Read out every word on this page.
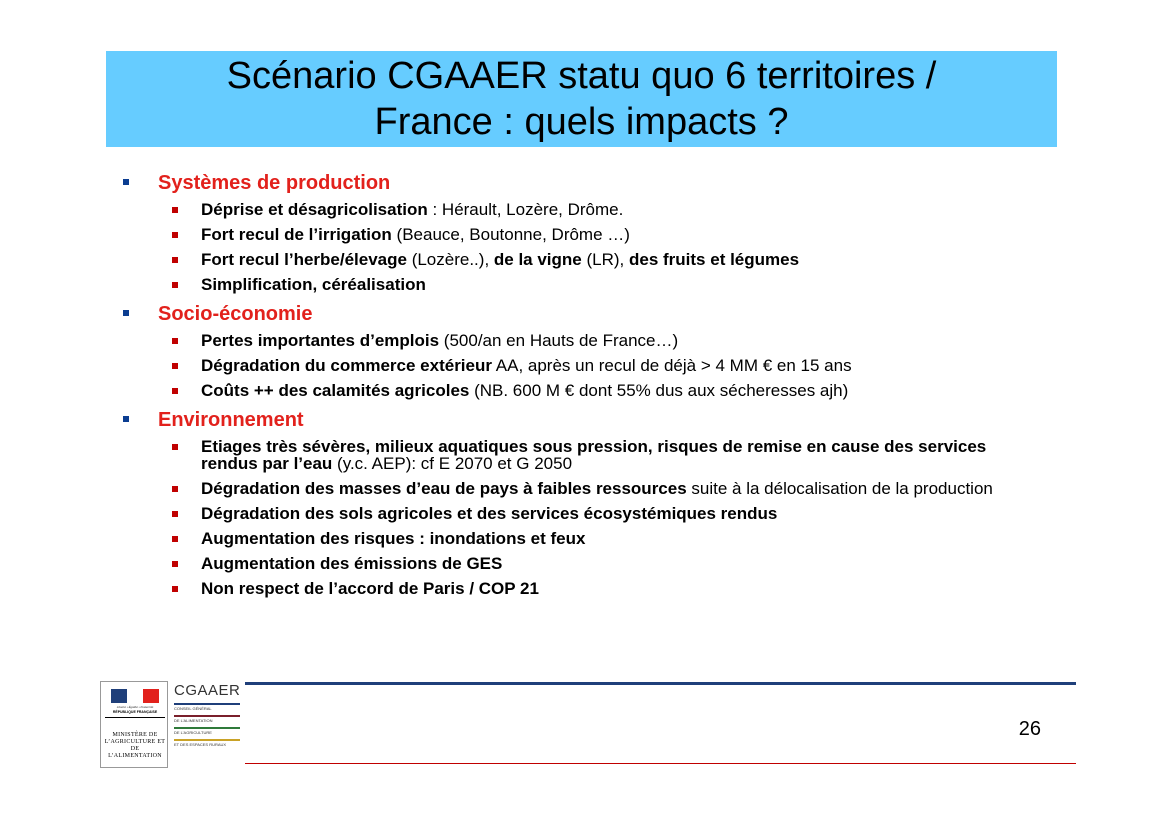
Scénario CGAAER statu quo 6 territoires /
France : quels impacts ?
Systèmes de production
Déprise et désagricolisation : Hérault, Lozère, Drôme.
Fort recul de l’irrigation (Beauce, Boutonne, Drôme …)
Fort recul l’herbe/élevage (Lozère..), de la vigne (LR), des fruits et légumes
Simplification, céréalisation
Socio-économie
Pertes importantes d’emplois (500/an en Hauts de France…)
Dégradation du commerce extérieur AA, après un recul de déjà > 4 MM € en 15 ans
Coûts ++ des calamités agricoles (NB. 600 M € dont 55% dus aux sécheresses ajh)
Environnement
Etiages très sévères, milieux aquatiques sous pression, risques de remise en cause des services rendus par l’eau (y.c. AEP): cf E 2070 et G 2050
Dégradation des masses d’eau de pays à faibles ressources suite à la délocalisation de la production
Dégradation des sols agricoles et des services écosystémiques rendus
Augmentation des risques : inondations et feux
Augmentation des émissions de GES
Non respect de l’accord de Paris / COP 21
Liberté • Égalité • Fraternité
RÉPUBLIQUE FRANÇAISE
MINISTÈRE DE L’AGRICULTURE ET DE L’ALIMENTATION
CGAAER
CONSEIL GÉNÉRAL
DE L’ALIMENTATION
DE L’AGRICULTURE
ET DES ESPACES RURAUX
26
